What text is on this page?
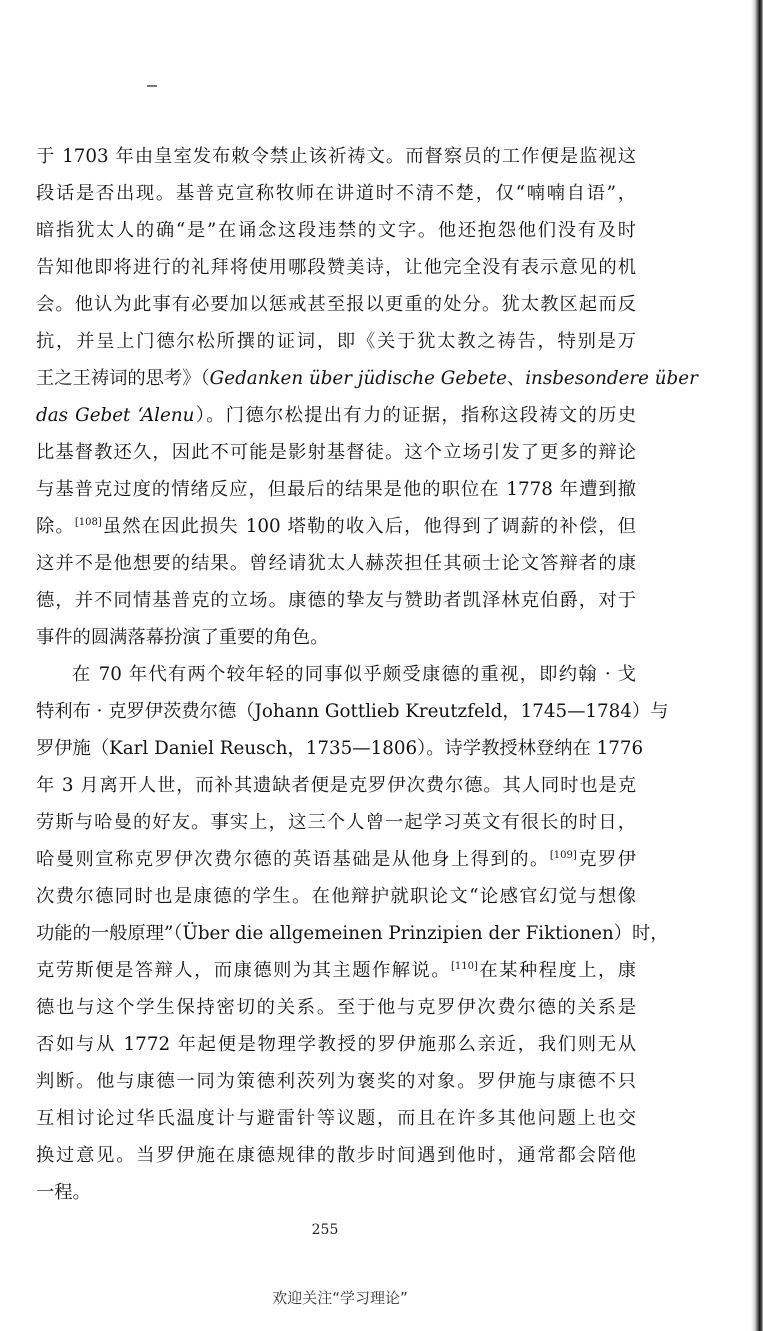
于 1703 年由皇室发布敕令禁止该祈祷文。而督察员的工作便是监视这
段话是否出现。基普克宣称牧师在讲道时不清不楚，仅“喃喃自语”，
暗指犹太人的确“是”在诵念这段违禁的文字。他还抱怨他们没有及时
告知他即将进行的礼拜将使用哪段赞美诗，让他完全没有表示意见的机
会。他认为此事有必要加以惩戒甚至报以更重的处分。犹太教区起而反
抗，并呈上门德尔松所撰的证词，即《关于犹太教之祷告，特别是万
王之王祷词的思考》（Gedanken über jüdische Gebete、insbesondere über
das Gebet ‘Alenu）。门德尔松提出有力的证据，指称这段祷文的历史
比基督教还久，因此不可能是影射基督徒。这个立场引发了更多的辩论
与基普克过度的情绪反应，但最后的结果是他的职位在 1778 年遭到撤
除。[108]虽然在因此损失 100 塔勒的收入后，他得到了调薪的补偿，但
这并不是他想要的结果。曾经请犹太人赫茨担任其硕士论文答辩者的康
德，并不同情基普克的立场。康德的挚友与赞助者凯泽林克伯爵，对于
事件的圆满落幕扮演了重要的角色。
在 70 年代有两个较年轻的同事似乎颇受康德的重视，即约翰 · 戈
特利布 · 克罗伊茨费尔德（Johann Gottlieb Kreutzfeld，1745—1784）与
罗伊施（Karl Daniel Reusch，1735—1806）。诗学教授林登纳在 1776
年 3 月离开人世，而补其遗缺者便是克罗伊次费尔德。其人同时也是克
劳斯与哈曼的好友。事实上，这三个人曾一起学习英文有很长的时日，
哈曼则宣称克罗伊次费尔德的英语基础是从他身上得到的。[109]克罗伊
次费尔德同时也是康德的学生。在他辩护就职论文“论感官幻觉与想像
功能的一般原理”（Über die allgemeinen Prinzipien der Fiktionen）时，
克劳斯便是答辩人，而康德则为其主题作解说。[110]在某种程度上，康
德也与这个学生保持密切的关系。至于他与克罗伊次费尔德的关系是
否如与从 1772 年起便是物理学教授的罗伊施那么亲近，我们则无从
判断。他与康德一同为策德利茨列为褒奖的对象。罗伊施与康德不只
互相讨论过华氏温度计与避雷针等议题，而且在许多其他问题上也交
换过意见。当罗伊施在康德规律的散步时间遇到他时，通常都会陪他
一程。
255
欢迎关注“学习理论”
